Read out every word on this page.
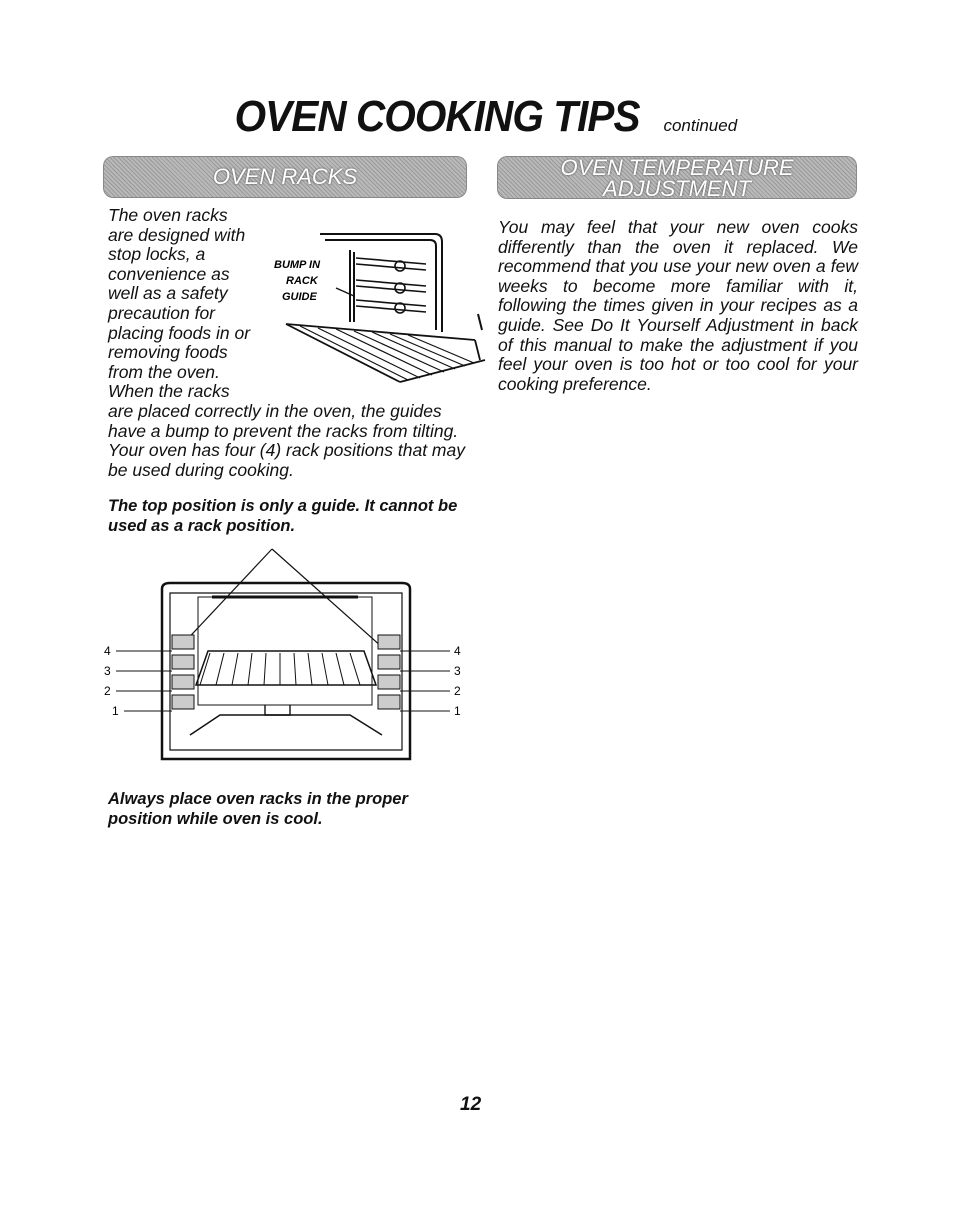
OVEN COOKING TIPS continued
OVEN RACKS	OVEN TEMPERATURE
ADJUSTMENT
The oven racks
are designed with
stop locks, a
convenience as
well as a safety
precaution for
placing foods in or
removing foods
from the oven.
When the racks
BUMP IN
RACK
GUIDE
are placed correctly in the oven, the guides have a bump to prevent the racks from tilting. Your oven has four (4) rack positions that may be used during cooking.
You may feel that your new oven cooks differently than the oven it replaced. We recommend that you use your new oven a few weeks to become more familiar with it, following the times given in your recipes as a guide. See Do It Yourself Adjustment in back of this manual to make the adjustment if you feel your oven is too hot or too cool for your cooking preference.
The top position is only a guide. It cannot be used as a rack position.
4
3
2
1
4
3
2
1
Always place oven racks in the proper position while oven is cool.
12
